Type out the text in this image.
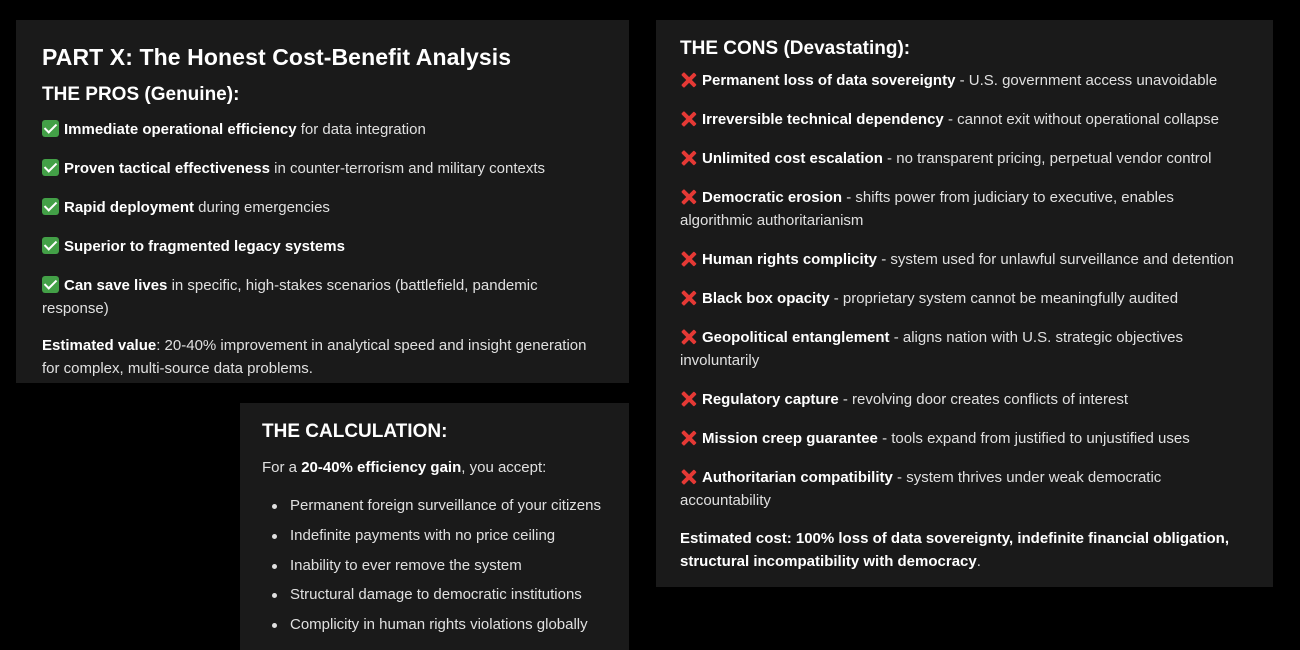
PART X: The Honest Cost-Benefit Analysis
THE PROS (Genuine):
Immediate operational efficiency for data integration
Proven tactical effectiveness in counter-terrorism and military contexts
Rapid deployment during emergencies
Superior to fragmented legacy systems
Can save lives in specific, high-stakes scenarios (battlefield, pandemic response)

Estimated value: 20-40% improvement in analytical speed and insight generation for complex, multi-source data problems.

THE CALCULATION:

For a 20-40% efficiency gain, you accept:

Permanent foreign surveillance of your citizens
Indefinite payments with no price ceiling
Inability to ever remove the system
Structural damage to democratic institutions
Complicity in human rights violations globally
THE CONS (Devastating):
Permanent loss of data sovereignty - U.S. government access unavoidable
Irreversible technical dependency - cannot exit without operational collapse
Unlimited cost escalation - no transparent pricing, perpetual vendor control
Democratic erosion - shifts power from judiciary to executive, enables algorithmic authoritarianism
Human rights complicity - system used for unlawful surveillance and detention
Black box opacity - proprietary system cannot be meaningfully audited
Geopolitical entanglement - aligns nation with U.S. strategic objectives involuntarily
Regulatory capture - revolving door creates conflicts of interest
Mission creep guarantee - tools expand from justified to unjustified uses
Authoritarian compatibility - system thrives under weak democratic accountability

Estimated cost: 100% loss of data sovereignty, indefinite financial obligation, structural incompatibility with democracy.
